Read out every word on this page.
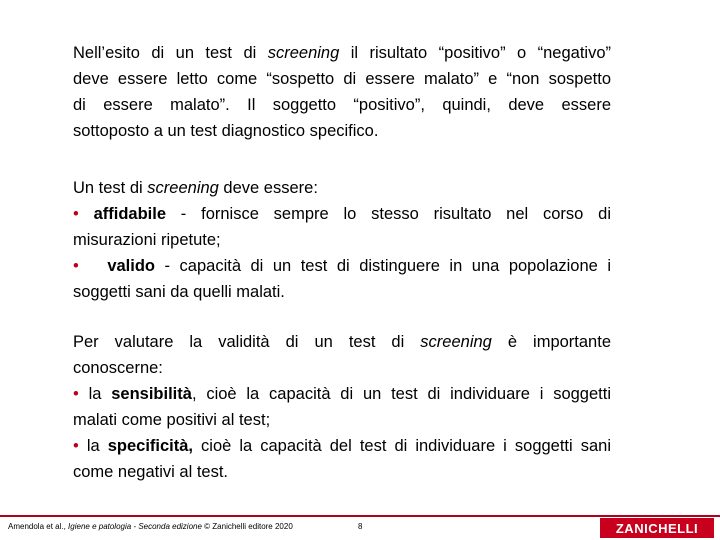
Nell’esito di un test di screening il risultato “positivo” o “negativo”
deve essere letto come “sospetto di essere malato” e “non sospetto
di essere malato”. Il soggetto “positivo”, quindi, deve essere
sottoposto a un test diagnostico specifico.
Un test di screening deve essere:
• affidabile - fornisce sempre lo stesso risultato nel corso di
misurazioni ripetute;
• valido - capacità di un test di distinguere in una popolazione i
soggetti sani da quelli malati.
Per valutare la validità di un test di screening è importante
conoscerne:
• la sensibilità, cioè la capacità di un test di individuare i soggetti
malati come positivi al test;
• la specificità, cioè la capacità del test di individuare i soggetti sani
come negativi al test.
Amendola et al., Igiene e patologia - Seconda edizione © Zanichelli editore 2020	8	ZANICHELLI
